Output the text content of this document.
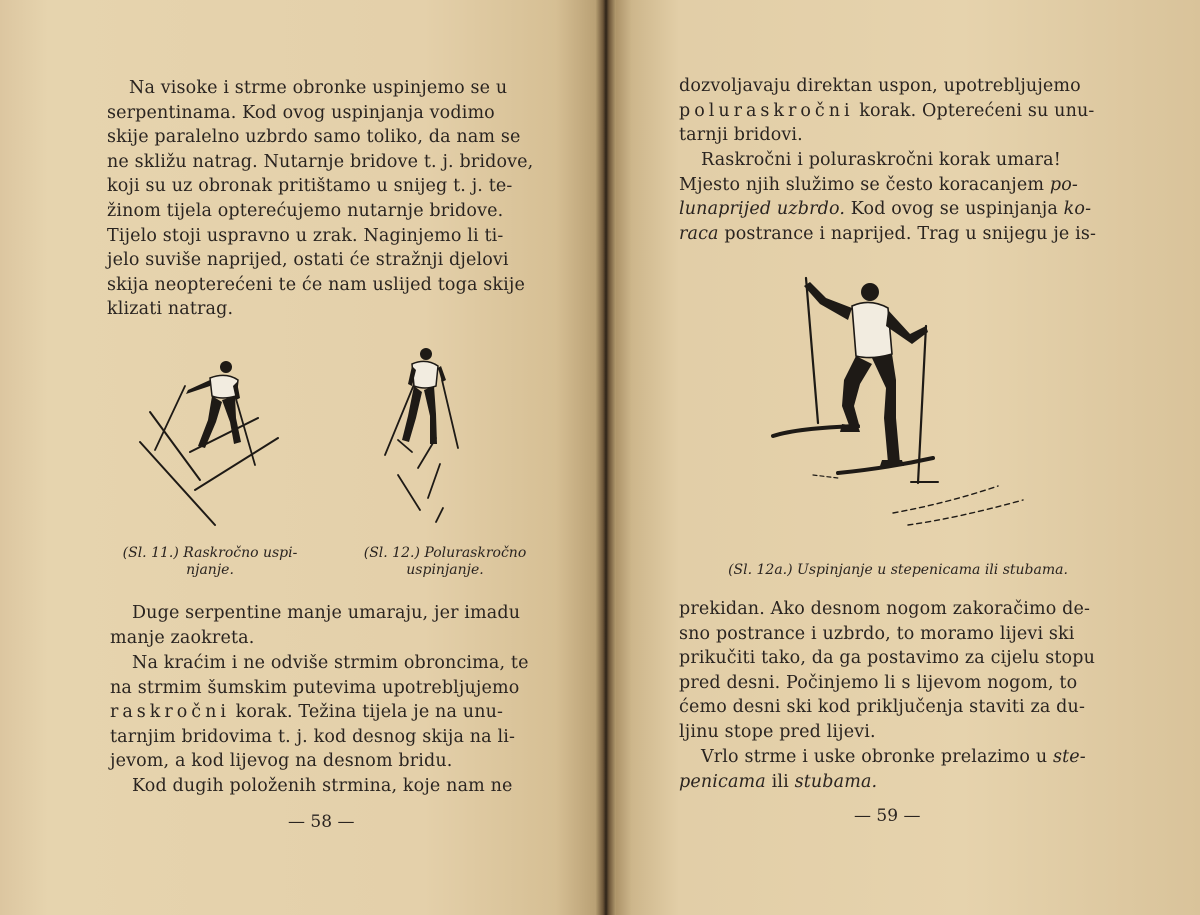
Na visoke i strme obronke uspinjemo se u

serpentinama. Kod ovog uspinjanja vodimo

skije paralelno uzbrdo samo toliko, da nam se

ne skližu natrag. Nutarnje bridove t. j. bridove,

koji su uz obronak pritištamo u snijeg t. j. te-

žinom tijela opterećujemo nutarnje bridove.

Tijelo stoji uspravno u zrak. Naginjemo li ti-

jelo suviše naprijed, ostati će stražnji djelovi

skija neopterećeni te će nam uslijed toga skije

klizati natrag.

(Sl. 11.) Raskročno uspi-
njanje.
(Sl. 12.) Poluraskročno
uspinjanje.

Duge serpentine manje umaraju, jer imadu

manje zaokreta.

Na kraćim i ne odviše strmim obroncima, te

na strmim šumskim putevima upotrebljujemo

raskročni korak. Težina tijela je na unu-

tarnjim bridovima t. j. kod desnog skija na li-

jevom, a kod lijevog na desnom bridu.

Kod dugih položenih strmina, koje nam ne

— 58 —

dozvoljavaju direktan uspon, upotrebljujemo

poluraskročni korak. Opterećeni su unu-

tarnji bridovi.

Raskročni i poluraskročni korak umara!

Mjesto njih služimo se često koracanjem po-

lunaprijed uzbrdo. Kod ovog se uspinjanja ko-

raca postrance i naprijed. Trag u snijegu je is-

(Sl. 12a.) Uspinjanje u stepenicama ili stubama.

prekidan. Ako desnom nogom zakoračimo de-

sno postrance i uzbrdo, to moramo lijevi ski

prikučiti tako, da ga postavimo za cijelu stopu

pred desni. Počinjemo li s lijevom nogom, to

ćemo desni ski kod priključenja staviti za du-

ljinu stope pred lijevi.

Vrlo strme i uske obronke prelazimo u ste-

penicama ili stubama.

— 59 —
